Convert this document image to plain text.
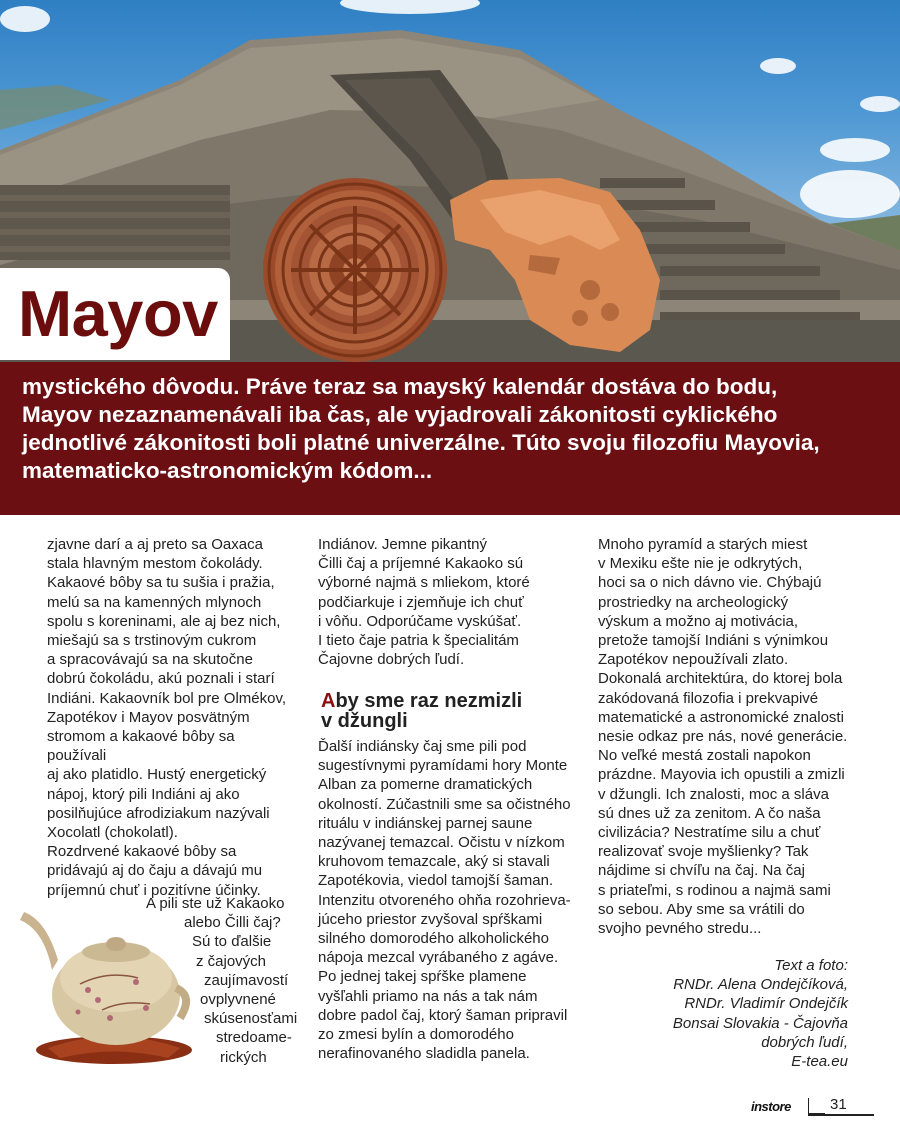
Mayov

mystického dôvodu. Práve teraz sa mayský kalendár dostáva do bodu,
Mayov nezaznamenávali iba čas, ale vyjadrovali zákonitosti cyklického
jednotlivé zákonitosti boli platné univerzálne. Túto svoju filozofiu Mayovia,
matematicko-astronomickým kódom...

zjavne darí a aj preto sa Oaxaca
stala hlavným mestom čokolády.
Kakaové bôby sa tu sušia i pražia,
melú sa na kamenných mlynoch
spolu s koreninami, ale aj bez nich,
miešajú sa s trstinovým cukrom
a spracovávajú sa na skutočne
dobrú čokoládu, akú poznali i starí
Indiáni. Kakaovník bol pre Olmékov,
Zapotékov i Mayov posvätným
stromom a kakaové bôby sa používali
aj ako platidlo. Hustý energetický
nápoj, ktorý pili Indiáni aj ako
posilňujúce afrodiziakum nazývali
Xocolatl (chokolatl).
Rozdrvené kakaové bôby sa
pridávajú aj do čaju a dávajú mu
príjemnú chuť i pozitívne účinky.
A pili ste už Kakaoko
alebo Čilli čaj?
Sú to ďalšie
z čajových
zaujímavostí
ovplyvnené
skúsenosťami
stredoame-
rických
Indiánov. Jemne pikantný
Čilli čaj a príjemné Kakaoko sú
výborné najmä s mliekom, ktoré
podčiarkuje i zjemňuje ich chuť
i vôňu. Odporúčame vyskúšať.
I tieto čaje patria k špecialitám
Čajovne dobrých ľudí.
Aby sme raz nezmizli
v džungli
Ďalší indiánsky čaj sme pili pod
sugestívnymi pyramídami hory Monte
Alban za pomerne dramatických
okolností. Zúčastnili sme sa očistného
rituálu v indiánskej parnej saune
nazývanej temazcal. Očistu v nízkom
kruhovom temazcale, aký si stavali
Zapotékovia, viedol tamojší šaman.
Intenzitu otvoreného ohňa rozohrieva-
júceho priestor zvyšoval spŕškami
silného domorodého alkoholického
nápoja mezcal vyrábaného z agáve.
Po jednej takej spŕške plamene
vyšľahli priamo na nás a tak nám
dobre padol čaj, ktorý šaman pripravil
zo zmesi bylín a domorodého
nerafinovaného sladidla panela.
Mnoho pyramíd a starých miest
v Mexiku ešte nie je odkrytých,
hoci sa o nich dávno vie. Chýbajú
prostriedky na archeologický
výskum a možno aj motivácia,
pretože tamojší Indiáni s výnimkou
Zapotékov nepoužívali zlato.
Dokonalá architektúra, do ktorej bola
zakódovaná filozofia i prekvapivé
matematické a astronomické znalosti
nesie odkaz pre nás, nové generácie.
No veľké mestá zostali napokon
prázdne. Mayovia ich opustili a zmizli
v džungli. Ich znalosti, moc a sláva
sú dnes už za zenitom. A čo naša
civilizácia? Nestratíme silu a chuť
realizovať svoje myšlienky? Tak
nájdime si chvíľu na čaj. Na čaj
s priateľmi, s rodinou a najmä sami
so sebou. Aby sme sa vrátili do
svojho pevného stredu...
Text a foto:
RNDr. Alena Ondejčíková,
RNDr. Vladimír Ondejčík
Bonsai Slovakia - Čajovňa
dobrých ľudí,
E-tea.eu
instore	31
